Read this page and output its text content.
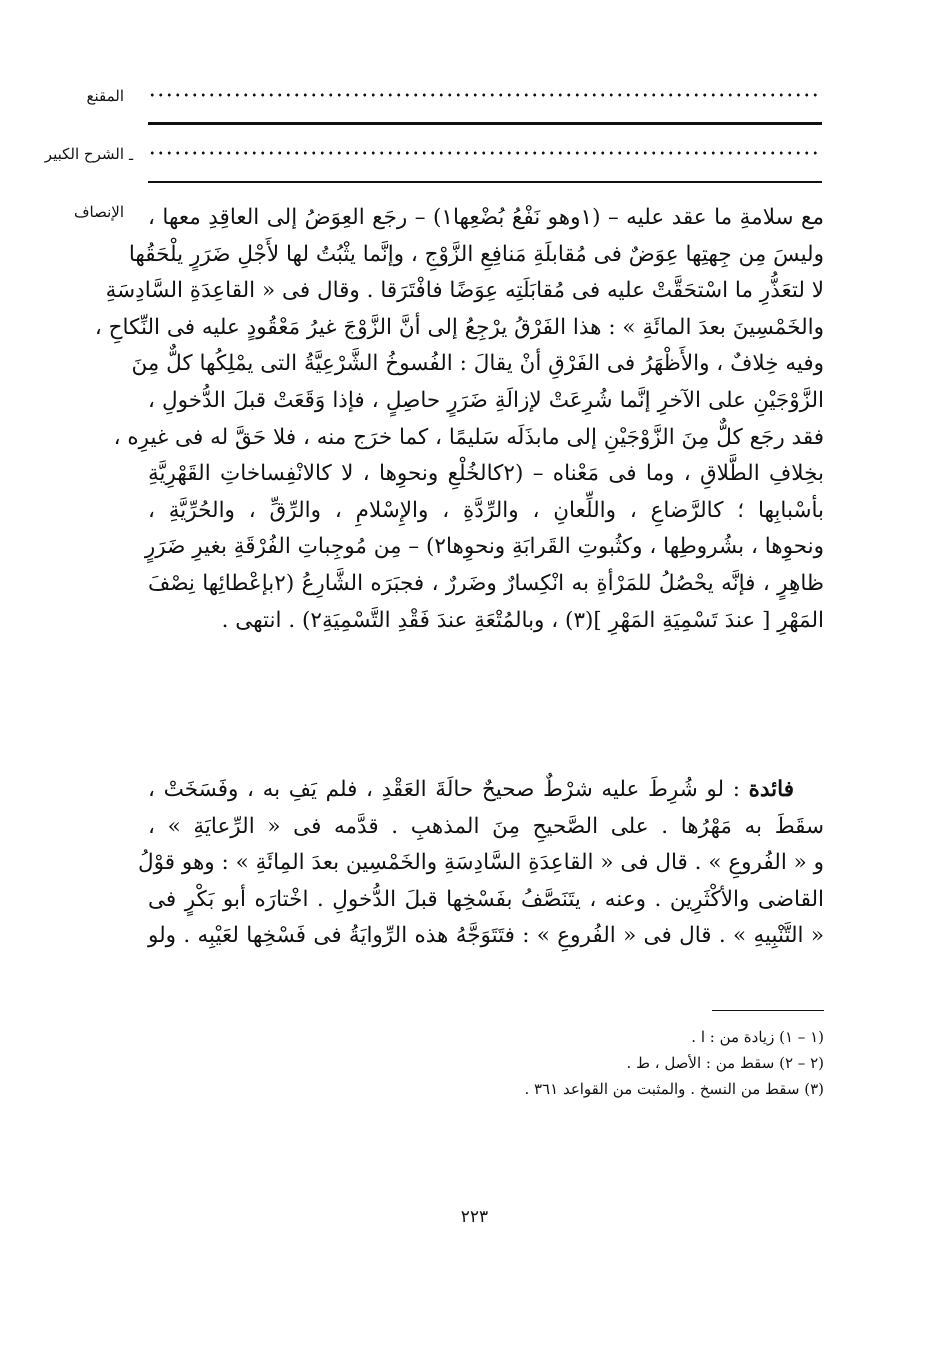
المقنع
الشرح الكبير ـ
الإنصاف مع سلامةِ ما عقد عليه – (١وهو نَفْعُ بُضْعِها١) – رجَع العِوَضُ إلى العاقِدِ معها ،
وليسَ مِن جِهتِها عِوَضٌ فى مُقابلَةِ مَنافِعِ الزَّوْجِ ، وإنَّما يثْبُتُ لها لأَجْلِ ضَرَرٍ يلْحَقُها
لا لتعَذُّرِ ما اسْتحَقَّتْ عليه فى مُقابَلَتِه عِوَضًا فافْتَرَقا . وقال فى « القاعِدَةِ السَّادِسَةِ
والخَمْسِينَ بعدَ المائَةِ » : هذا الفَرْقُ يرْجِعُ إلى أنَّ الزَّوْجَ غيرُ مَعْقُودٍ عليه فى النِّكاحِ ،
وفيه خِلافٌ ، والأَظْهَرُ فى الفَرْقِ أنْ يقالَ : الفُسوخُ الشَّرْعِيَّةُ التى يمْلِكُها كلٌّ مِنَ
الزَّوْجَيْنِ على الآخرِ إنَّما شُرِعَتْ لإزالَةِ ضَرَرٍ حاصِلٍ ، فإذا وَقَعَتْ قبلَ الدُّخولِ ،
فقد رجَع كلٌّ مِنَ الزَّوْجَيْنِ إلى مابذَلَه سَليمًا ، كما خرَج منه ، فلا حَقَّ له فى غيرِه ،
بخِلافِ الطَّلاقِ ، وما فى مَعْناه – (٢كالخُلْعِ ونحوِها ، لا كالانْفِساخاتِ القَهْرِيَّةِ
بأسْبابِها ؛ كالرَّضاعِ ، واللِّعانِ ، والرِّدَّةِ ، والإِسْلامِ ، والرِّقِّ ، والحُرِّيَّةِ ،
ونحوِها ، بشُروطِها ، وكثُبوتِ القَرابَةِ ونحوِها٢) – مِن مُوجِباتِ الفُرْقَةِ بغيرِ ضَرَرٍ
ظاهِرٍ ، فإنَّه يحْصُلُ للمَرْأةِ به انْكِسارٌ وضَررٌ ، فجبَرَه الشَّارِعُ (٢بإعْطائِها نِصْفَ
المَهْرِ [ عندَ تَسْمِيَةِ المَهْرِ ](٣) ، وبالمُتْعَةِ عندَ فَقْدِ التَّسْمِيَةِ٢) . انتهى .
فائدة : لو شُرِطَ عليه شرْطٌ صحيحٌ حالَةَ العَقْدِ ، فلم يَفِ به ، وفَسَخَتْ ،
سقَطَ به مَهْرُها . على الصَّحيحِ مِنَ المذهبِ . قدَّمه فى « الرِّعايَةِ » ،
و « الفُروعِ » . قال فى « القاعِدَةِ السَّادِسَةِ والخَمْسِين بعدَ المِائَةِ » : وهو قوْلُ
القاضى والأكْثَرِين . وعنه ، يتَنَصَّفُ بفَسْخِها قبلَ الدُّخولِ . اخْتارَه أبو بَكْرٍ فى
« التَّنْبِيهِ » . قال فى « الفُروعِ » : فتَتَوَجَّهُ هذه الرِّوايَةُ فى فَسْخِها لعَيْبِه . ولو
(١ – ١) زيادة من : ا .
(٢ – ٢) سقط من : الأصل ، ط .
(٣) سقط من النسخ . والمثبت من القواعد ٣٦١ .
٢٢٣
